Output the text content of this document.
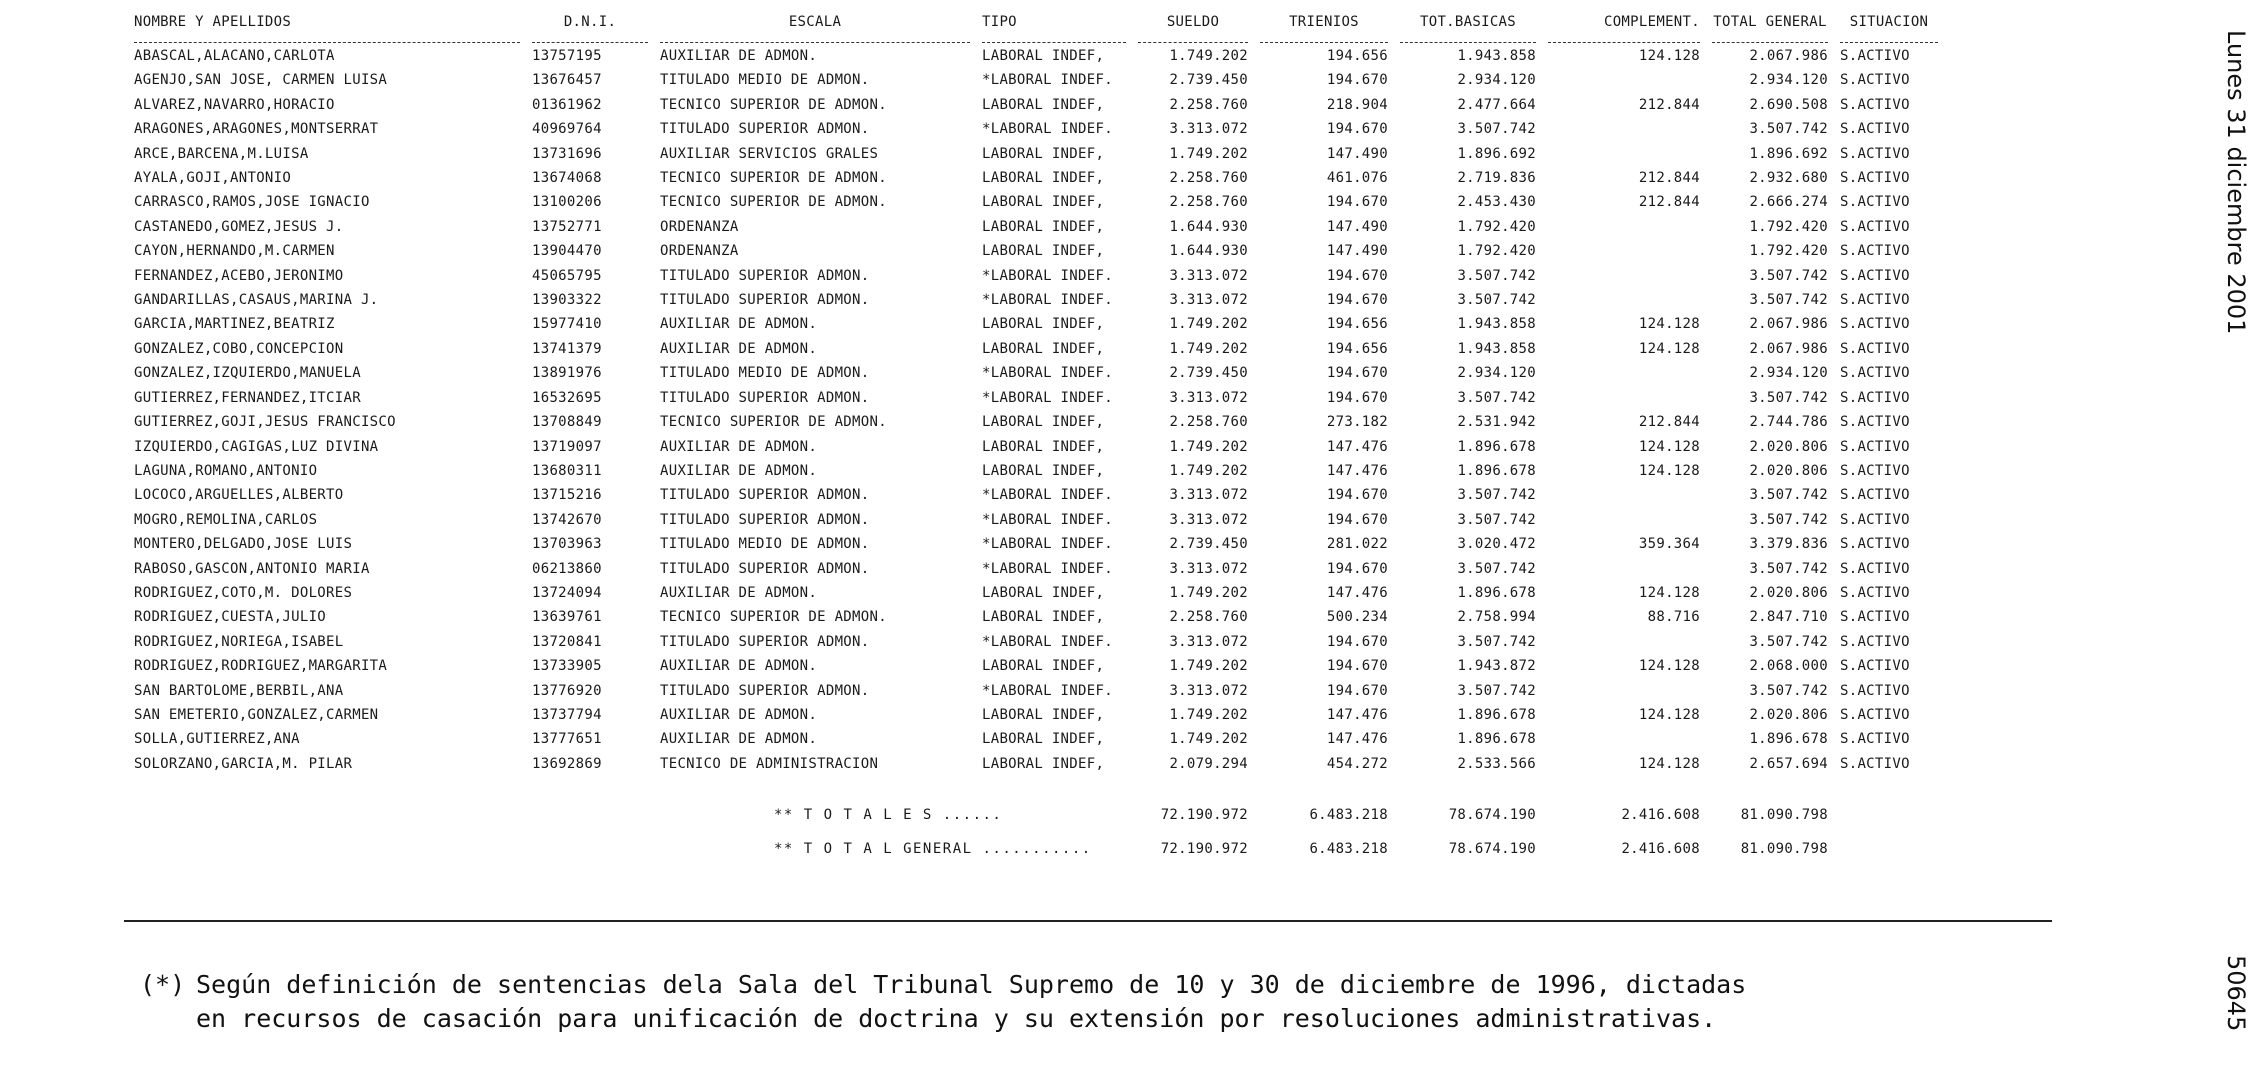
NOMBRE Y APELLIDOS	D.N.I.	ESCALA	TIPO	SUELDO	TRIENIOS	TOT.BASICAS	COMPLEMENT.	TOTAL GENERAL	SITUACION

ABASCAL,ALACANO,CARLOTA	13757195	AUXILIAR DE ADMON.	LABORAL INDEF,	1.749.202	194.656	1.943.858	124.128	2.067.986	S.ACTIVO
AGENJO,SAN JOSE, CARMEN LUISA	13676457	TITULADO MEDIO DE ADMON.	*LABORAL INDEF.	2.739.450	194.670	2.934.120		2.934.120	S.ACTIVO
ALVAREZ,NAVARRO,HORACIO	01361962	TECNICO SUPERIOR DE ADMON.	LABORAL INDEF,	2.258.760	218.904	2.477.664	212.844	2.690.508	S.ACTIVO
ARAGONES,ARAGONES,MONTSERRAT	40969764	TITULADO SUPERIOR ADMON.	*LABORAL INDEF.	3.313.072	194.670	3.507.742		3.507.742	S.ACTIVO
ARCE,BARCENA,M.LUISA	13731696	AUXILIAR SERVICIOS GRALES	LABORAL INDEF,	1.749.202	147.490	1.896.692		1.896.692	S.ACTIVO
AYALA,GOJI,ANTONIO	13674068	TECNICO SUPERIOR DE ADMON.	LABORAL INDEF,	2.258.760	461.076	2.719.836	212.844	2.932.680	S.ACTIVO
CARRASCO,RAMOS,JOSE IGNACIO	13100206	TECNICO SUPERIOR DE ADMON.	LABORAL INDEF,	2.258.760	194.670	2.453.430	212.844	2.666.274	S.ACTIVO
CASTANEDO,GOMEZ,JESUS J.	13752771	ORDENANZA	LABORAL INDEF,	1.644.930	147.490	1.792.420		1.792.420	S.ACTIVO
CAYON,HERNANDO,M.CARMEN	13904470	ORDENANZA	LABORAL INDEF,	1.644.930	147.490	1.792.420		1.792.420	S.ACTIVO
FERNANDEZ,ACEBO,JERONIMO	45065795	TITULADO SUPERIOR ADMON.	*LABORAL INDEF.	3.313.072	194.670	3.507.742		3.507.742	S.ACTIVO
GANDARILLAS,CASAUS,MARINA J.	13903322	TITULADO SUPERIOR ADMON.	*LABORAL INDEF.	3.313.072	194.670	3.507.742		3.507.742	S.ACTIVO
GARCIA,MARTINEZ,BEATRIZ	15977410	AUXILIAR DE ADMON.	LABORAL INDEF,	1.749.202	194.656	1.943.858	124.128	2.067.986	S.ACTIVO
GONZALEZ,COBO,CONCEPCION	13741379	AUXILIAR DE ADMON.	LABORAL INDEF,	1.749.202	194.656	1.943.858	124.128	2.067.986	S.ACTIVO
GONZALEZ,IZQUIERDO,MANUELA	13891976	TITULADO MEDIO DE ADMON.	*LABORAL INDEF.	2.739.450	194.670	2.934.120		2.934.120	S.ACTIVO
GUTIERREZ,FERNANDEZ,ITCIAR	16532695	TITULADO SUPERIOR ADMON.	*LABORAL INDEF.	3.313.072	194.670	3.507.742		3.507.742	S.ACTIVO
GUTIERREZ,GOJI,JESUS FRANCISCO	13708849	TECNICO SUPERIOR DE ADMON.	LABORAL INDEF,	2.258.760	273.182	2.531.942	212.844	2.744.786	S.ACTIVO
IZQUIERDO,CAGIGAS,LUZ DIVINA	13719097	AUXILIAR DE ADMON.	LABORAL INDEF,	1.749.202	147.476	1.896.678	124.128	2.020.806	S.ACTIVO
LAGUNA,ROMANO,ANTONIO	13680311	AUXILIAR DE ADMON.	LABORAL INDEF,	1.749.202	147.476	1.896.678	124.128	2.020.806	S.ACTIVO
LOCOCO,ARGUELLES,ALBERTO	13715216	TITULADO SUPERIOR ADMON.	*LABORAL INDEF.	3.313.072	194.670	3.507.742		3.507.742	S.ACTIVO
MOGRO,REMOLINA,CARLOS	13742670	TITULADO SUPERIOR ADMON.	*LABORAL INDEF.	3.313.072	194.670	3.507.742		3.507.742	S.ACTIVO
MONTERO,DELGADO,JOSE LUIS	13703963	TITULADO MEDIO DE ADMON.	*LABORAL INDEF.	2.739.450	281.022	3.020.472	359.364	3.379.836	S.ACTIVO
RABOSO,GASCON,ANTONIO MARIA	06213860	TITULADO SUPERIOR ADMON.	*LABORAL INDEF.	3.313.072	194.670	3.507.742		3.507.742	S.ACTIVO
RODRIGUEZ,COTO,M. DOLORES	13724094	AUXILIAR DE ADMON.	LABORAL INDEF,	1.749.202	147.476	1.896.678	124.128	2.020.806	S.ACTIVO
RODRIGUEZ,CUESTA,JULIO	13639761	TECNICO SUPERIOR DE ADMON.	LABORAL INDEF,	2.258.760	500.234	2.758.994	88.716	2.847.710	S.ACTIVO
RODRIGUEZ,NORIEGA,ISABEL	13720841	TITULADO SUPERIOR ADMON.	*LABORAL INDEF.	3.313.072	194.670	3.507.742		3.507.742	S.ACTIVO
RODRIGUEZ,RODRIGUEZ,MARGARITA	13733905	AUXILIAR DE ADMON.	LABORAL INDEF,	1.749.202	194.670	1.943.872	124.128	2.068.000	S.ACTIVO
SAN BARTOLOME,BERBIL,ANA	13776920	TITULADO SUPERIOR ADMON.	*LABORAL INDEF.	3.313.072	194.670	3.507.742		3.507.742	S.ACTIVO
SAN EMETERIO,GONZALEZ,CARMEN	13737794	AUXILIAR DE ADMON.	LABORAL INDEF,	1.749.202	147.476	1.896.678	124.128	2.020.806	S.ACTIVO
SOLLA,GUTIERREZ,ANA	13777651	AUXILIAR DE ADMON.	LABORAL INDEF,	1.749.202	147.476	1.896.678		1.896.678	S.ACTIVO
SOLORZANO,GARCIA,M. PILAR	13692869	TECNICO DE ADMINISTRACION	LABORAL INDEF,	2.079.294	454.272	2.533.566	124.128	2.657.694	S.ACTIVO

		** T O T A L E S ......		72.190.972	6.483.218	78.674.190	2.416.608	81.090.798	
		** T O T A L GENERAL ...........		72.190.972	6.483.218	78.674.190	2.416.608	81.090.798	
(*) Según definición de sentencias dela Sala del Tribunal Supremo de 10 y 30 de diciembre de 1996, dictadas
en recursos de casación para unificación de doctrina y su extensión por resoluciones administrativas.
Lunes 31 diciembre 2001
50645
